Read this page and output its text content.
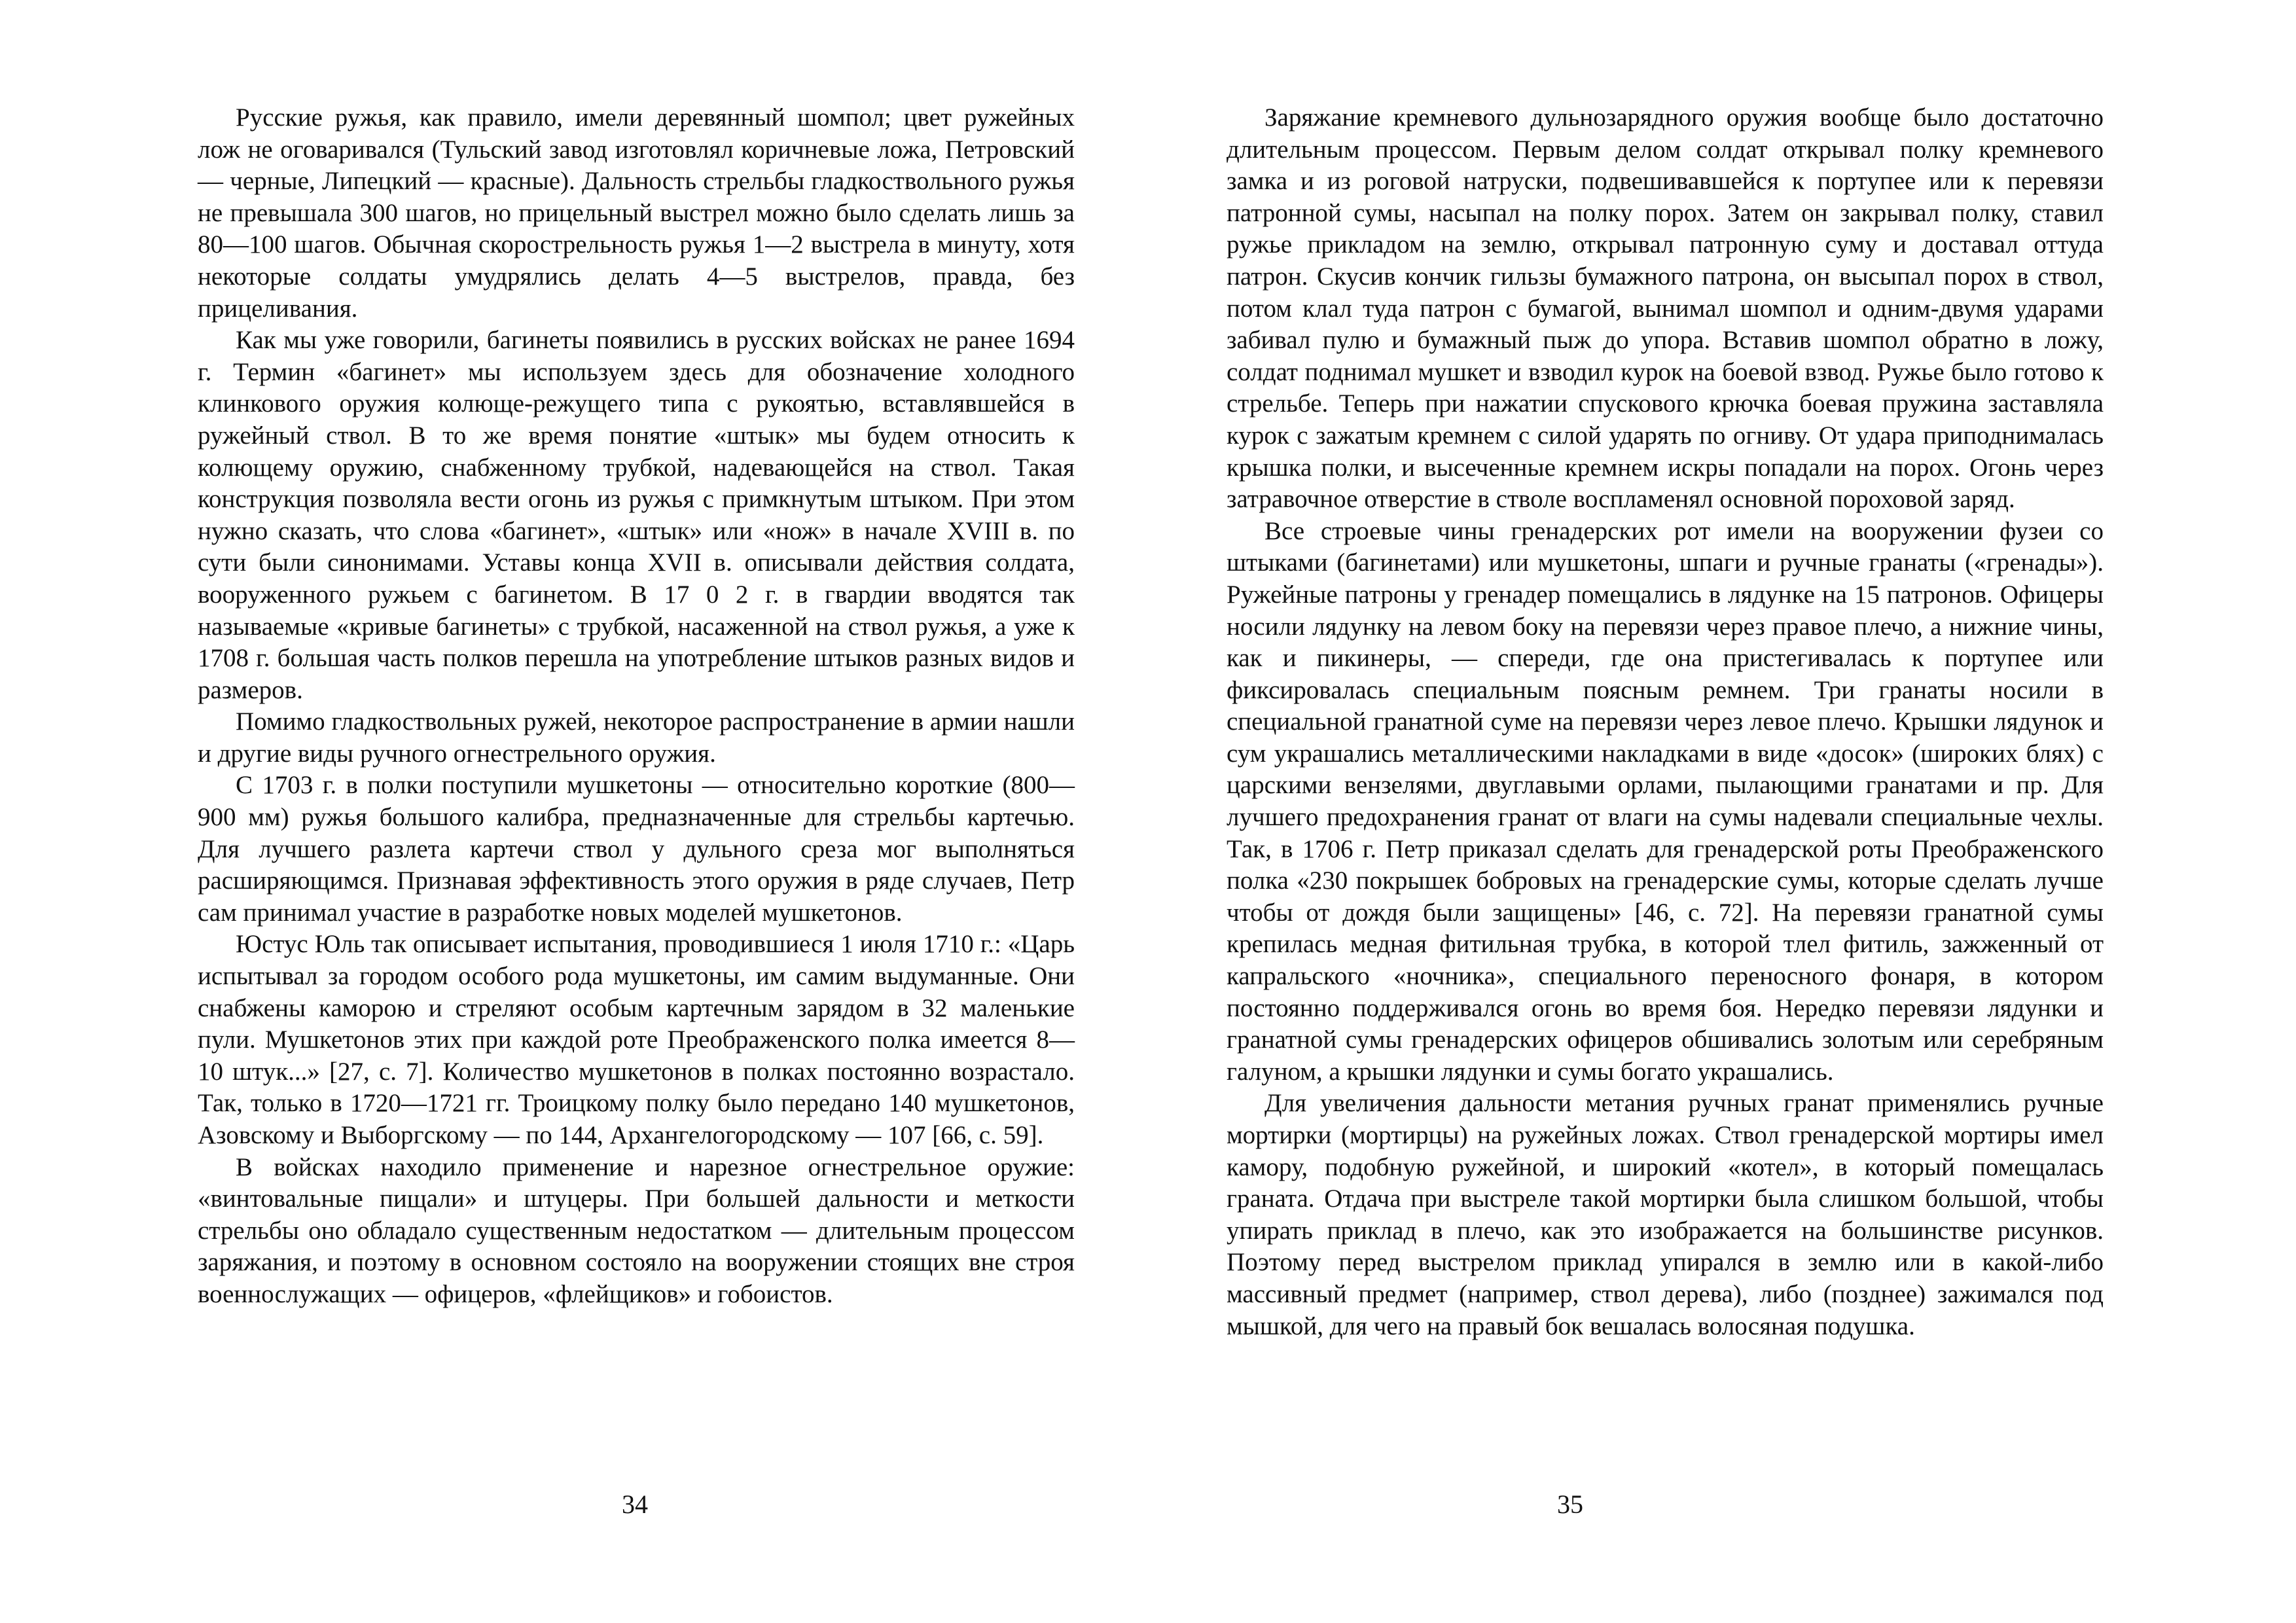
Русские ружья, как правило, имели деревянный шомпол; цвет ружейных лож не оговаривался (Тульский завод изготовлял коричневые ложа, Петровский — черные, Липецкий — красные). Дальность стрельбы гладкоствольного ружья не превышала 300 шагов, но прицельный выстрел можно было сделать лишь за 80—100 шагов. Обычная скорострельность ружья 1—2 выстрела в минуту, хотя некоторые солдаты умудрялись делать 4—5 выстрелов, правда, без прицеливания.

Как мы уже говорили, багинеты появились в русских войсках не ранее 1694 г. Термин «багинет» мы используем здесь для обозначение холодного клинкового оружия колюще-режущего типа с рукоятью, вставлявшейся в ружейный ствол. В то же время понятие «штык» мы будем относить к колющему оружию, снабженному трубкой, надевающейся на ствол. Такая конструкция позволяла вести огонь из ружья с примкнутым штыком. При этом нужно сказать, что слова «багинет», «штык» или «нож» в начале XVIII в. по сути были синонимами. Уставы конца XVII в. описывали действия солдата, вооруженного ружьем с багинетом. В 17 0 2 г. в гвардии вводятся так называемые «кривые багинеты» с трубкой, насаженной на ствол ружья, а уже к 1708 г. большая часть полков перешла на употребление штыков разных видов и размеров.

Помимо гладкоствольных ружей, некоторое распространение в армии нашли и другие виды ручного огнестрельного оружия.

С 1703 г. в полки поступили мушкетоны — относительно короткие (800—900 мм) ружья большого калибра, предназначенные для стрельбы картечью. Для лучшего разлета картечи ствол у дульного среза мог выполняться расширяющимся. Признавая эффективность этого оружия в ряде случаев, Петр сам принимал участие в разработке новых моделей мушкетонов.

Юстус Юль так описывает испытания, проводившиеся 1 июля 1710 г.: «Царь испытывал за городом особого рода мушкетоны, им самим выдуманные. Они снабжены каморою и стреляют особым картечным зарядом в 32 маленькие пули. Мушкетонов этих при каждой роте Преображенского полка имеется 8—10 штук...» [27, с. 7]. Количество мушкетонов в полках постоянно возрастало. Так, только в 1720—1721 гг. Троицкому полку было передано 140 мушкетонов, Азовскому и Выборгскому — по 144, Архангелогородскому — 107 [66, с. 59].

В войсках находило применение и нарезное огнестрельное оружие: «винтовальные пищали» и штуцеры. При большей дальности и меткости стрельбы оно обладало существенным недостатком — длительным процессом заряжания, и поэтому в основном состояло на вооружении стоящих вне строя военнослужащих — офицеров, «флейщиков» и гобоистов.

34

Заряжание кремневого дульнозарядного оружия вообще было достаточно длительным процессом. Первым делом солдат открывал полку кремневого замка и из роговой натруски, подвешивавшейся к портупее или к перевязи патронной сумы, насыпал на полку порох. Затем он закрывал полку, ставил ружье прикладом на землю, открывал патронную суму и доставал оттуда патрон. Скусив кончик гильзы бумажного патрона, он высыпал порох в ствол, потом клал туда патрон с бумагой, вынимал шомпол и одним-двумя ударами забивал пулю и бумажный пыж до упора. Вставив шомпол обратно в ложу, солдат поднимал мушкет и взводил курок на боевой взвод. Ружье было готово к стрельбе. Теперь при нажатии спускового крючка боевая пружина заставляла курок с зажатым кремнем с силой ударять по огниву. От удара приподнималась крышка полки, и высеченные кремнем искры попадали на порох. Огонь через затравочное отверстие в стволе воспламенял основной пороховой заряд.

Все строевые чины гренадерских рот имели на вооружении фузеи со штыками (багинетами) или мушкетоны, шпаги и ручные гранаты («гренады»). Ружейные патроны у гренадер помещались в лядунке на 15 патронов. Офицеры носили лядунку на левом боку на перевязи через правое плечо, а нижние чины, как и пикинеры, — спереди, где она пристегивалась к портупее или фиксировалась специальным поясным ремнем. Три гранаты носили в специальной гранатной суме на перевязи через левое плечо. Крышки лядунок и сум украшались металлическими накладками в виде «досок» (широких блях) с царскими вензелями, двуглавыми орлами, пылающими гранатами и пр. Для лучшего предохранения гранат от влаги на сумы надевали специальные чехлы. Так, в 1706 г. Петр приказал сделать для гренадерской роты Преображенского полка «230 покрышек бобровых на гренадерские сумы, которые сделать лучше чтобы от дождя были защищены» [46, с. 72]. На перевязи гранатной сумы крепилась медная фитильная трубка, в которой тлел фитиль, зажженный от капральского «ночника», специального переносного фонаря, в котором постоянно поддерживался огонь во время боя. Нередко перевязи лядунки и гранатной сумы гренадерских офицеров обшивались золотым или серебряным галуном, а крышки лядунки и сумы богато украшались.

Для увеличения дальности метания ручных гранат применялись ручные мортирки (мортирцы) на ружейных ложах. Ствол гренадерской мортиры имел камору, подобную ружейной, и широкий «котел», в который помещалась граната. Отдача при выстреле такой мортирки была слишком большой, чтобы упирать приклад в плечо, как это изображается на большинстве рисунков. Поэтому перед выстрелом приклад упирался в землю или в какой-либо массивный предмет (например, ствол дерева), либо (позднее) зажимался под мышкой, для чего на правый бок вешалась волосяная подушка.

35
